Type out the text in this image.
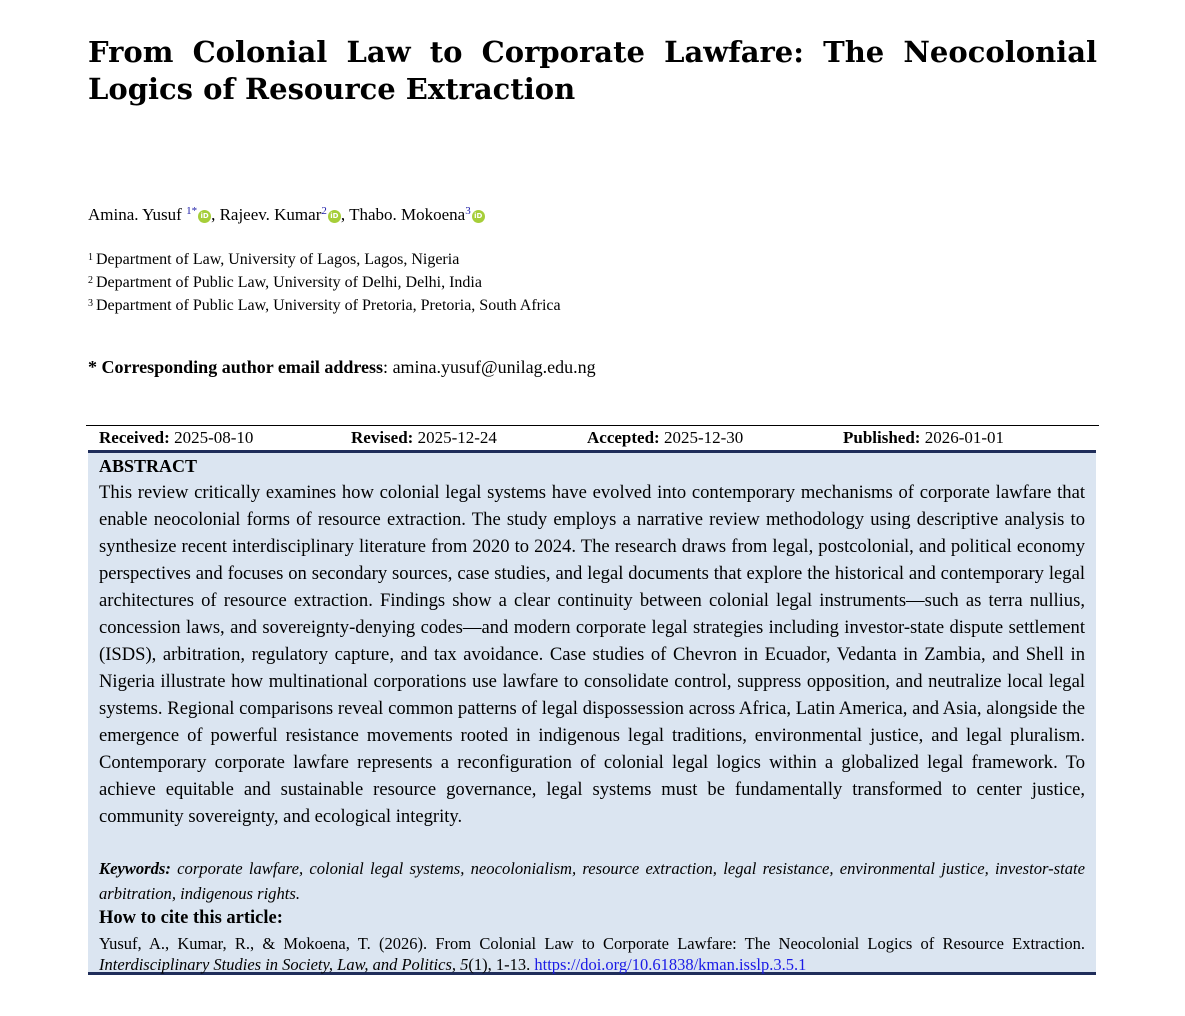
From Colonial Law to Corporate Lawfare: The Neocolonial Logics of Resource Extraction
Amina. Yusuf $^{1*}$ iD , Rajeev. Kumar$^2$ iD , Thabo. Mokoena$^3$ iD
$^1$ Department of Law, University of Lagos, Lagos, Nigeria
$^2$ Department of Public Law, University of Delhi, Delhi, India
$^3$ Department of Public Law, University of Pretoria, Pretoria, South Africa
* Corresponding author email address: amina.yusuf@unilag.edu.ng
Received: 2025-08-10	Revised: 2025-12-24	Accepted: 2025-12-30	Published: 2026-01-01
ABSTRACT

This review critically examines how colonial legal systems have evolved into contemporary mechanisms of corporate lawfare that enable neocolonial forms of resource extraction. The study employs a narrative review methodology using descriptive analysis to synthesize recent interdisciplinary literature from 2020 to 2024. The research draws from legal, postcolonial, and political economy perspectives and focuses on secondary sources, case studies, and legal documents that explore the historical and contemporary legal architectures of resource extraction. Findings show a clear continuity between colonial legal instruments—such as terra nullius, concession laws, and sovereignty-denying codes—and modern corporate legal strategies including investor-state dispute settlement (ISDS), arbitration, regulatory capture, and tax avoidance. Case studies of Chevron in Ecuador, Vedanta in Zambia, and Shell in Nigeria illustrate how multinational corporations use lawfare to consolidate control, suppress opposition, and neutralize local legal systems. Regional comparisons reveal common patterns of legal dispossession across Africa, Latin America, and Asia, alongside the emergence of powerful resistance movements rooted in indigenous legal traditions, environmental justice, and legal pluralism. Contemporary corporate lawfare represents a reconfiguration of colonial legal logics within a globalized legal framework. To achieve equitable and sustainable resource governance, legal systems must be fundamentally transformed to center justice, community sovereignty, and ecological integrity.

Keywords: corporate lawfare, colonial legal systems, neocolonialism, resource extraction, legal resistance, environmental justice, investor-state arbitration, indigenous rights.

How to cite this article:

Yusuf, A., Kumar, R., & Mokoena, T. (2026). From Colonial Law to Corporate Lawfare: The Neocolonial Logics of Resource Extraction. Interdisciplinary Studies in Society, Law, and Politics, 5(1), 1-13. https://doi.org/10.61838/kman.isslp.3.5.1
